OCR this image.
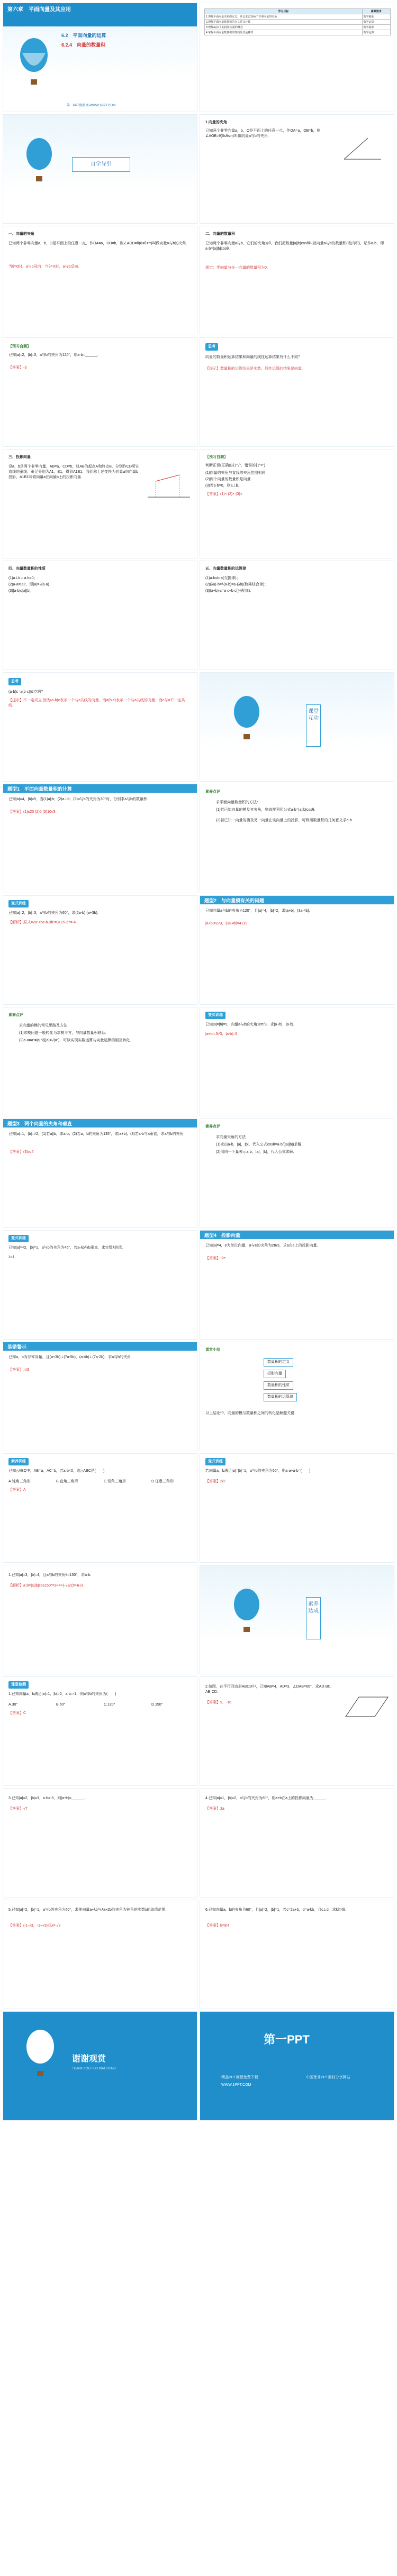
第六章　平面向量及其应用
6.2　平面向量的运算
6.2.4　向量的数量积
第一PPT模板网-WWW.1PPT.COM
学习目标	素养要求
1.理解平面向量夹角的定义，并会求已知两个非零向量的夹角	数学抽象
2.理解平面向量数量积的含义并会计算	数学运算
3.理解a在b上的投影向量的概念	数学抽象
4.掌握平面向量数量积的性质及其运算律	数学运算
自学导引
1.向量的夹角
已知两个非零向量a，b，O是平面上的任意一点，作OA=a，OB=b，则∠AOB=θ(0≤θ≤π)叫做向量a与b的夹角.
一、向量的夹角
已知两个非零向量a，b，O是平面上的任意一点，作OA=a，OB=b，则∠AOB=θ(0≤θ≤π)叫做向量a与b的夹角.
当θ=0时，a与b同向；当θ=π时，a与b反向.
二、向量的数量积
已知两个非零向量a与b，它们的夹角为θ，我们把数量|a||b|cosθ叫做向量a与b的数量积(或内积)，记作a·b，即a·b=|a||b|cosθ.
规定：零向量与任一向量的数量积为0.
【预习自测】
已知|a|=2，|b|=3，a与b的夹角为120°，则a·b=______.
【答案】-3
思考
向量的数量积运算结果和向量的线性运算结果有什么不同？
【提示】数量积的运算结果是实数，线性运算的结果是向量.
三、投影向量
设a，b是两个非零向量，AB=a，CD=b，过AB的起点A和终点B，分别作CD所在直线的垂线，垂足分别为A1，B1，得到A1B1，我们称上述变换为向量a向向量b投影，A1B1叫做向量a在向量b上的投影向量.
【预习自测】
判断正误(正确的打“√”，错误的打“×”)
(1)向量的夹角与直线的夹角范围相同.
(2)两个向量的数量积是向量.
(3)若a·b=0，则a⊥b.
【答案】(1)× (2)× (3)×
四、向量数量积的性质
(1)a⊥b⇔a·b=0；
(2)a·a=|a|²，即|a|=√(a·a)；
(3)|a·b|≤|a||b|.
五、向量数量积的运算律
(1)a·b=b·a(交换律)；
(2)(λa)·b=λ(a·b)=a·(λb)(数乘结合律)；
(3)(a+b)·c=a·c+b·c(分配律).
思考
(a·b)c=a(b·c)成立吗？
【提示】不一定成立.因为(a·b)c表示一个与c共线的向量，而a(b·c)表示一个与a共线的向量，而c与a不一定共线.
课堂互动
题型1　平面向量数量积的计算
已知|a|=4，|b|=5，当(1)a∥b；(2)a⊥b；(3)a与b的夹角为30°时，分别求a与b的数量积.
【答案】(1)±20 (2)0 (3)10√3
素养点评
求平面向量数量积的方法：
(1)若已知向量的模及其夹角，则直接利用公式a·b=|a||b|cosθ.
(2)若已知一向量的模及另一向量在该向量上的投影，可利用数量积的几何意义求a·b.
变式训练
已知|a|=2，|b|=3，a与b的夹角为60°，求(2a-b)·(a+3b).
【解析】原式=2a²+5a·b-3b²=8+15-27=-4.
题型2　与向量模有关的问题
已知向量a与b的夹角为120°，且|a|=4，|b|=2，求|a+b|，|3a-4b|.
|a+b|=2√3，|3a-4b|=4√19
素养点评
求向量的模的常见思路及方法
(1)求模问题一般转化为求模平方，与向量数量积联系.
(2)a·a=a²=|a|²或|a|=√(a²)，可以实现实数运算与向量运算的相互转化.
变式训练
已知|a|=|b|=5，向量a与b的夹角为π/3，求|a+b|，|a-b|.
|a+b|=5√3，|a-b|=5
题型3　两个向量的夹角和垂直
已知|a|=1，|b|=√2，(1)若a∥b，求a·b；(2)若a，b的夹角为135°，求|a+b|；(3)若a-b与a垂直，求a与b的夹角.
【答案】(3)π/4
素养点评
求向量夹角的方法
(1)求出a·b，|a|，|b|，代入公式cosθ=a·b/(|a||b|)求解.
(2)用同一个量表示a·b，|a|，|b|，代入公式求解.
变式训练
已知|a|=√2，|b|=1，a与b的夹角为45°，若a-λb与b垂直，求实数λ的值.
λ=1
题型4　投影向量
已知|a|=4，e为单位向量，a与e的夹角为2π/3，求a在e上的投影向量.
【答案】-2e
易错警示
已知a，b为非零向量，且(a+3b)⊥(7a-5b)，(a-4b)⊥(7a-2b)，求a与b的夹角.
【答案】π/3
课堂小结
数量积的定义
投影向量
数量积的性质
数量积的运算律
以上结论中，向量的模与数量积之间的转化是解题关键.
素养训练
已知△ABC中，AB=a，AC=b，若a·b<0，则△ABC是(　　)
A.钝角三角形	B.直角三角形	C.锐角三角形	D.任意三角形
【答案】A
变式训练
若向量a，b满足|a|=|b|=1，a与b的夹角为60°，则a·a+a·b=(　　)
【答案】3/2
1.已知|a|=3，|b|=4，且a与b的夹角θ=150°，求a·b.
【解析】a·b=|a||b|cos150°=3×4×(-√3/2)=-6√3.
素养达成
课堂检测
1.已知向量a，b满足|a|=1，|b|=2，a·b=-1，则a与b的夹角为(　　)
A.30°	B.60°	C.120°	D.150°
【答案】C
2.如图，在平行四边形ABCD中，已知AB=4，AD=3，∠DAB=60°，求AD·BC，AB·CD.
【答案】9，-16
3.已知|a|=2，|b|=3，a·b=-3，则|a+b|=______.
【答案】√7
4.已知|a|=1，|b|=2，a与b的夹角为60°，则a+b在a上的投影向量为______.
【答案】2a
5.已知|a|=2，|b|=1，a与b的夹角为60°，求使向量a+λb与λa+2b的夹角为钝角的实数λ的取值范围.
【答案】(-1-√3，-1+√3)且λ≠-√2
6.已知向量a，b的夹角为60°，且|a|=2，|b|=1，若c=2a+b，d=a-kb，且c⊥d，求k的值.
【答案】k=9/4
谢谢观赏
THANK YOU FOR WATCHING
第一PPT
精品PPT模板免费下载
WWW.1PPT.COM
中国优秀PPT素材分享网站
